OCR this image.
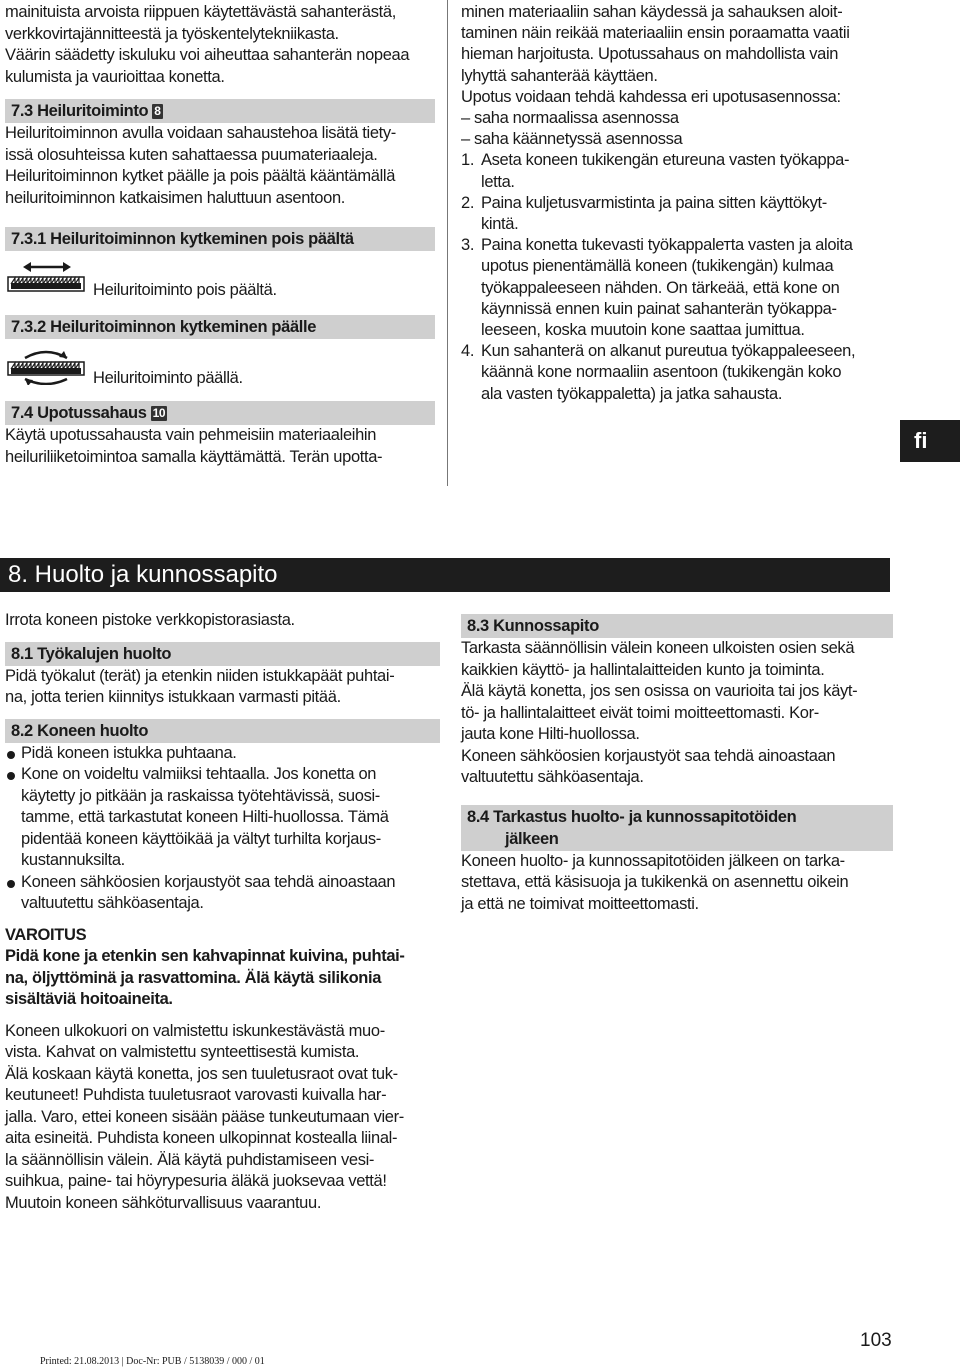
mainituista arvoista riippuen käytettävästä sahanterästä,

verkkovirtajännitteestä ja työskentelytekniikasta.

Väärin säädetty iskuluku voi aiheuttaa sahanterän nopeaa

kulumista ja vaurioittaa konetta.

7.3 Heiluritoiminto 8

Heiluritoiminnon avulla voidaan sahaustehoa lisätä tiety-

issä olosuhteissa kuten sahattaessa puumateriaaleja.

Heiluritoiminnon kytket päälle ja pois päältä kääntämällä

heiluritoiminnon katkaisimen haluttuun asentoon.

7.3.1 Heiluritoiminnon kytkeminen pois päältä
Heiluritoiminto pois päältä.
7.3.2 Heiluritoiminnon kytkeminen päälle
Heiluritoiminto päällä.
7.4 Upotussahaus 10

Käytä upotussahausta vain pehmeisiin materiaaleihin

heiluriliiketoimintoa samalla käyttämättä. Terän upotta-

minen materiaaliin sahan käydessä ja sahauksen aloit-

taminen näin reikää materiaaliin ensin poraamatta vaatii

hieman harjoitusta. Upotussahaus on mahdollista vain

lyhyttä sahanterää käyttäen.

Upotus voidaan tehdä kahdessa eri upotusasennossa:

– saha normaalissa asennossa

– saha käännetyssä asennossa

1. Aseta koneen tukikengän etureuna vasten työkappa-

letta.

2. Paina kuljetusvarmistinta ja paina sitten käyttökyt-

kintä.

3. Paina konetta tukevasti työkappalетta vasten ja aloita

upotus pienentämällä koneen (tukikengän) kulmaa

työkappaleeseen nähden. On tärkeää, että kone on

käynnissä ennen kuin painat sahanterän työkappa-

leeseen, koska muutoin kone saattaa jumittua.

4. Kun sahanterä on alkanut pureutua työkappaleeseen,

käännä kone normaaliin asentoon (tukikengän koko

ala vasten työkappaletta) ja jatka sahausta.

fi
8. Huolto ja kunnossapito

Irrota koneen pistoke verkkopistorasiasta.

8.1 Työkalujen huolto

Pidä työkalut (terät) ja etenkin niiden istukkapäät puhtai-

na, jotta terien kiinnitys istukkaan varmasti pitää.

8.2 Koneen huolto

Pidä koneen istukka puhtaana.

Kone on voideltu valmiiksi tehtaalla. Jos konetta on

käytetty jo pitkään ja raskaissa työtehtävissä, suosi-

tamme, että tarkastutat koneen Hilti-huollossa. Tämä

pidentää koneen käyttöikää ja vältyt turhilta korjaus-

kustannuksilta.

Koneen sähköosien korjaustyöt saa tehdä ainoastaan

valtuutettu sähköasentaja.

VAROITUS

Pidä kone ja etenkin sen kahvapinnat kuivina, puhtai-

na, öljyttöminä ja rasvattomina. Älä käytä silikonia

sisältäviä hoitoaineita.

Koneen ulkokuori on valmistettu iskunkestävästä muo-

vista. Kahvat on valmistettu synteettisestä kumista.

Älä koskaan käytä konetta, jos sen tuuletusraot ovat tuk-

keutuneet! Puhdista tuuletusraot varovasti kuivalla har-

jalla. Varo, ettei koneen sisään pääse tunkeutumaan vier-

aita esineitä. Puhdista koneen ulkopinnat kostealla liinal-

la säännöllisin välein. Älä käytä puhdistamiseen vesi-

suihkua, paine- tai höyrypesuria äläkä juoksevaa vettä!

Muutoin koneen sähköturvallisuus vaarantuu.

8.3 Kunnossapito

Tarkasta säännöllisin välein koneen ulkoisten osien sekä

kaikkien käyttö- ja hallintalaitteiden kunto ja toiminta.

Älä käytä konetta, jos sen osissa on vaurioita tai jos käyt-

tö- ja hallintalaitteet eivät toimi moitteettomasti. Kor-

jauta kone Hilti-huollossa.

Koneen sähköosien korjaustyöt saa tehdä ainoastaan

valtuutettu sähköasentaja.

8.4 Tarkastus huolto- ja kunnossapitotöiden

jälkeen

Koneen huolto- ja kunnossapitotöiden jälkeen on tarka-

stettava, että käsisuoja ja tukikenkä on asennettu oikein

ja että ne toimivat moitteettomasti.

103
Printed: 21.08.2013 | Doc-Nr: PUB / 5138039 / 000 / 01
